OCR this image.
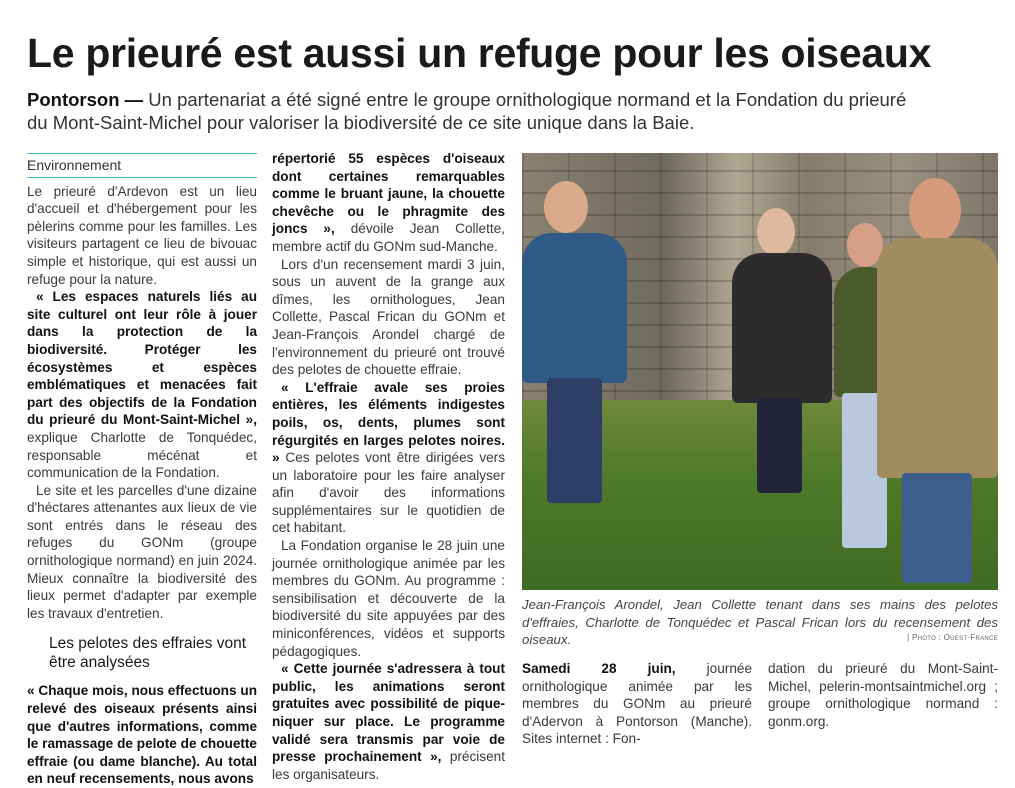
Le prieuré est aussi un refuge pour les oiseaux

Pontorson — Un partenariat a été signé entre le groupe ornithologique normand et la Fondation du prieuré du Mont-Saint-Michel pour valoriser la biodiversité de ce site unique dans la Baie.

Environnement

Le prieuré d'Ardevon est un lieu d'accueil et d'hébergement pour les pèlerins comme pour les familles. Les visiteurs partagent ce lieu de bivouac simple et historique, qui est aussi un refuge pour la nature.

« Les espaces naturels liés au site culturel ont leur rôle à jouer dans la protection de la biodiversité. Protéger les écosystèmes et espèces emblématiques et menacées fait part des objectifs de la Fondation du prieuré du Mont-Saint-Michel », explique Charlotte de Tonquédec, responsable mécénat et communication de la Fondation.

Le site et les parcelles d'une dizaine d'héctares attenantes aux lieux de vie sont entrés dans le réseau des refuges du GONm (groupe ornithologique normand) en juin 2024. Mieux connaître la biodiversité des lieux permet d'adapter par exemple les travaux d'entretien.

Les pelotes des effraies vont être analysées

« Chaque mois, nous effectuons un relevé des oiseaux présents ainsi que d'autres informations, comme le ramassage de pelote de chouette effraie (ou dame blanche). Au total en neuf recensements, nous avons

répertorié 55 espèces d'oiseaux dont certaines remarquables comme le bruant jaune, la chouette chevêche ou le phragmite des joncs », dévoile Jean Collette, membre actif du GONm sud-Manche.

Lors d'un recensement mardi 3 juin, sous un auvent de la grange aux dîmes, les ornithologues, Jean Collette, Pascal Frican du GONm et Jean-François Arondel chargé de l'environnement du prieuré ont trouvé des pelotes de chouette effraie.

« L'effraie avale ses proies entières, les éléments indigestes poils, os, dents, plumes sont régurgités en larges pelotes noires. » Ces pelotes vont être dirigées vers un laboratoire pour les faire analyser afin d'avoir des informations supplémentaires sur le quotidien de cet habitant.

La Fondation organise le 28 juin une journée ornithologique animée par les membres du GONm. Au programme : sensibilisation et découverte de la biodiversité du site appuyées par des miniconférences, vidéos et supports pédagogiques.

« Cette journée s'adressera à tout public, les animations seront gratuites avec possibilité de pique-niquer sur place. Le programme validé sera transmis par voie de presse prochainement », précisent les organisateurs.

Jean-François Arondel, Jean Collette tenant dans ses mains des pelotes d'effraies, Charlotte de Tonquédec et Pascal Frican lors du recensement des oiseaux.	| Photo : Ouest-France

Samedi 28 juin, journée ornithologique animée par les membres du GONm au prieuré d'Adervon à Pontorson (Manche). Sites internet : Fon-

dation du prieuré du Mont-Saint-Michel, pelerin-montsaintmichel.org ; groupe ornithologique normand : gonm.org.
